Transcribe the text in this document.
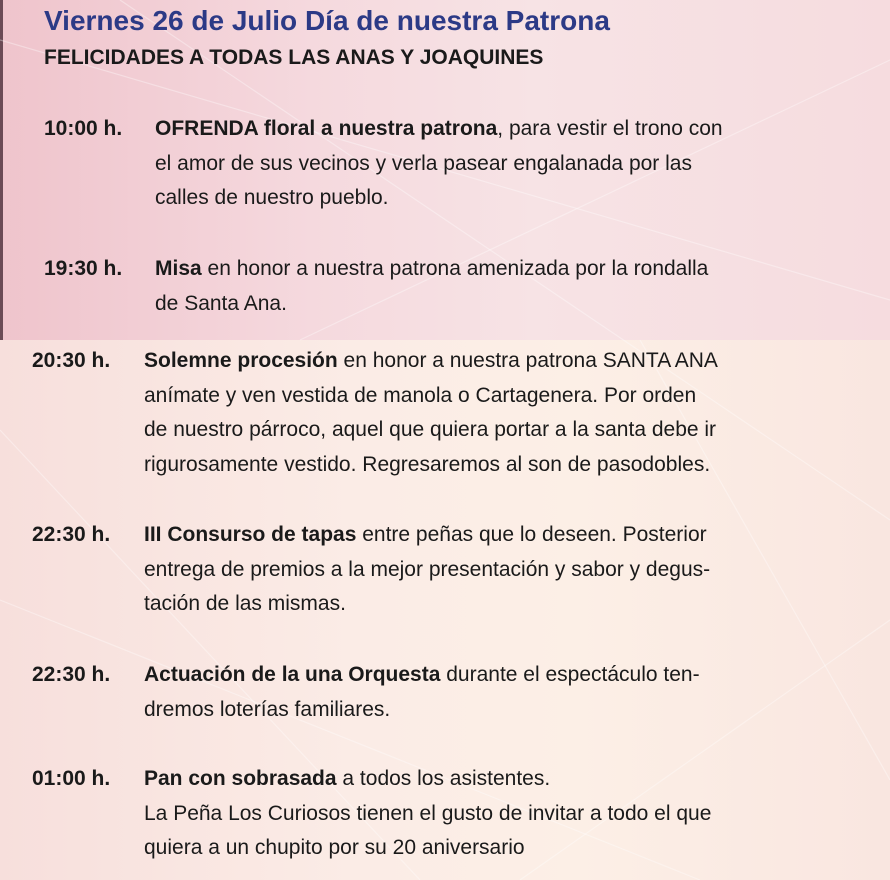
Viernes 26 de Julio Día de nuestra Patrona
FELICIDADES A TODAS LAS ANAS Y JOAQUINES
10:00 h. OFRENDA floral a nuestra patrona, para vestir el trono con
el amor de sus vecinos y verla pasear engalanada por las
calles de nuestro pueblo.
19:30 h. Misa en honor a nuestra patrona amenizada por la rondalla
de Santa Ana.
20:30 h. Solemne procesión en honor a nuestra patrona SANTA ANA
anímate y ven vestida de manola o Cartagenera. Por orden
de nuestro párroco, aquel que quiera portar a la santa debe ir
rigurosamente vestido. Regresaremos al son de pasodobles.
22:30 h. III Consurso de tapas entre peñas que lo deseen. Posterior
entrega de premios a la mejor presentación y sabor y degus-
tación de las mismas.
22:30 h. Actuación de la una Orquesta durante el espectáculo ten-
dremos loterías familiares.
01:00 h. Pan con sobrasada a todos los asistentes.
La Peña Los Curiosos tienen el gusto de invitar a todo el que
quiera a un chupito por su 20 aniversario
